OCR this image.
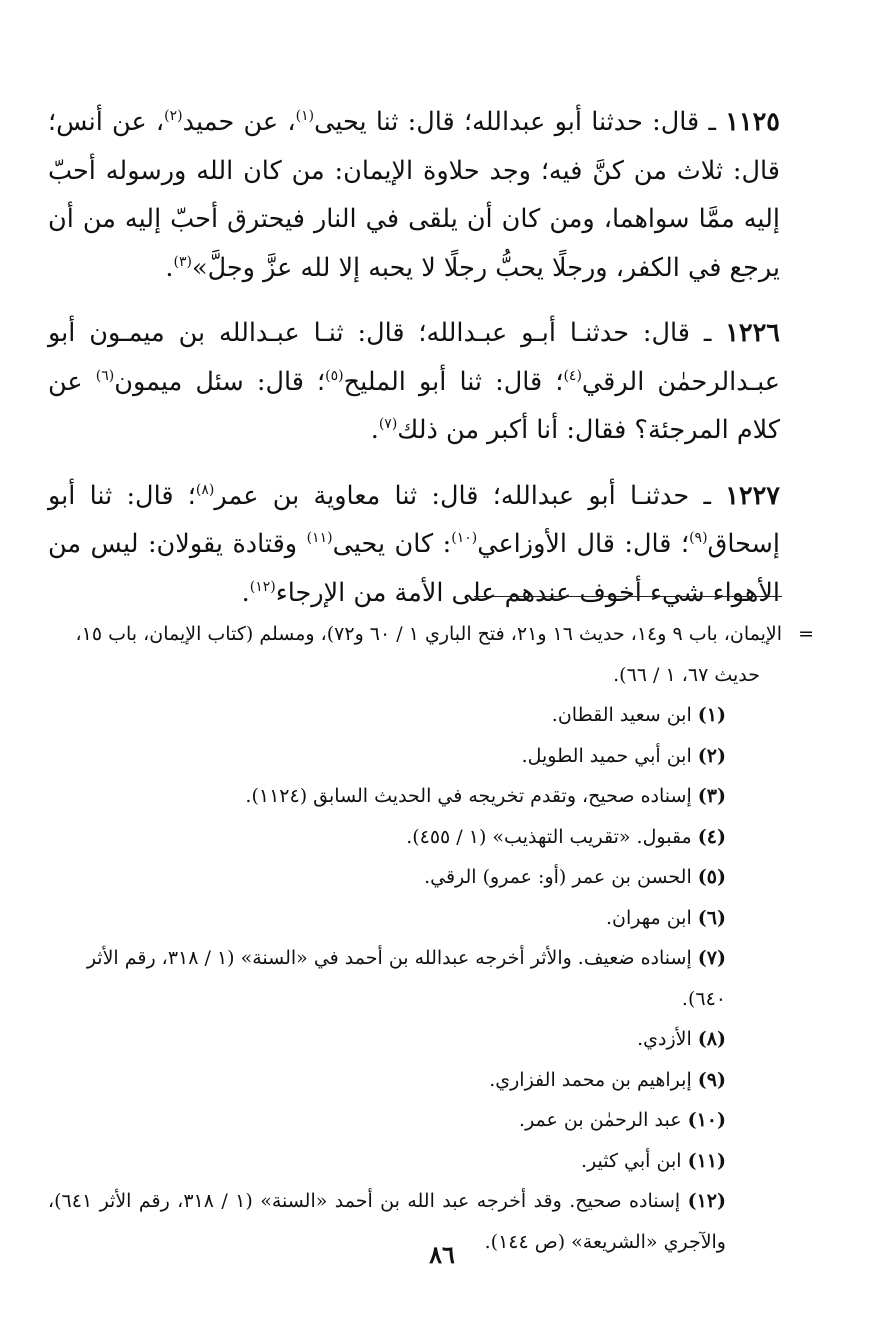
١١٢٥ ـ قال: حدثنا أبو عبدالله؛ قال: ثنا يحيى$^{(١)}$، عن حميد$^{(٢)}$، عن أنس؛ قال: ثلاث من كنَّ فيه؛ وجد حلاوة الإيمان: من كان الله ورسوله أحبّ إليه ممَّا سواهما، ومن كان أن يلقى في النار فيحترق أحبّ إليه من أن يرجع في الكفر، ورجلًا يحبُّ رجلًا لا يحبه إلا لله عزَّ وجلَّ»$^{(٣)}$.

١٢٢٦ ـ قال: حدثنـا أبـو عبـدالله؛ قال: ثنـا عبـدالله بن ميمـون أبو عبـدالرحمٰن الرقي$^{(٤)}$؛ قال: ثنا أبو المليح$^{(٥)}$؛ قال: سئل ميمون$^{(٦)}$ عن كلام المرجئة؟ فقال: أنا أكبر من ذلك$^{(٧)}$.

١٢٢٧ ـ حدثنـا أبو عبدالله؛ قال: ثنا معاوية بن عمر$^{(٨)}$؛ قال: ثنا أبو إسحاق$^{(٩)}$؛ قال: قال الأوزاعي$^{(١٠)}$: كان يحيى$^{(١١)}$ وقتادة يقولان: ليس من الأهواء شيء أخوف عندهم على الأمة من الإرجاء$^{(١٢)}$.

=
الإيمان، باب ٩ و١٤، حديث ١٦ و٢١، فتح الباري ١ / ٦٠ و٧٢)، ومسلم (كتاب الإيمان، باب ١٥، حديث ٦٧، ١ / ٦٦).
(١) ابن سعيد القطان.
(٢) ابن أبي حميد الطويل.
(٣) إسناده صحيح، وتقدم تخريجه في الحديث السابق (١١٢٤).
(٤) مقبول. «تقريب التهذيب» (١ / ٤٥٥).
(٥) الحسن بن عمر (أو: عمرو) الرقي.
(٦) ابن مهران.
(٧) إسناده ضعيف. والأثر أخرجه عبدالله بن أحمد في «السنة» (١ / ٣١٨، رقم الأثر ٦٤٠).
(٨) الأزدي.
(٩) إبراهيم بن محمد الفزاري.
(١٠) عبد الرحمٰن بن عمر.
(١١) ابن أبي كثير.
(١٢) إسناده صحيح. وقد أخرجه عبد الله بن أحمد «السنة» (١ / ٣١٨، رقم الأثر ٦٤١)، والآجري «الشريعة» (ص ١٤٤).
٨٦
